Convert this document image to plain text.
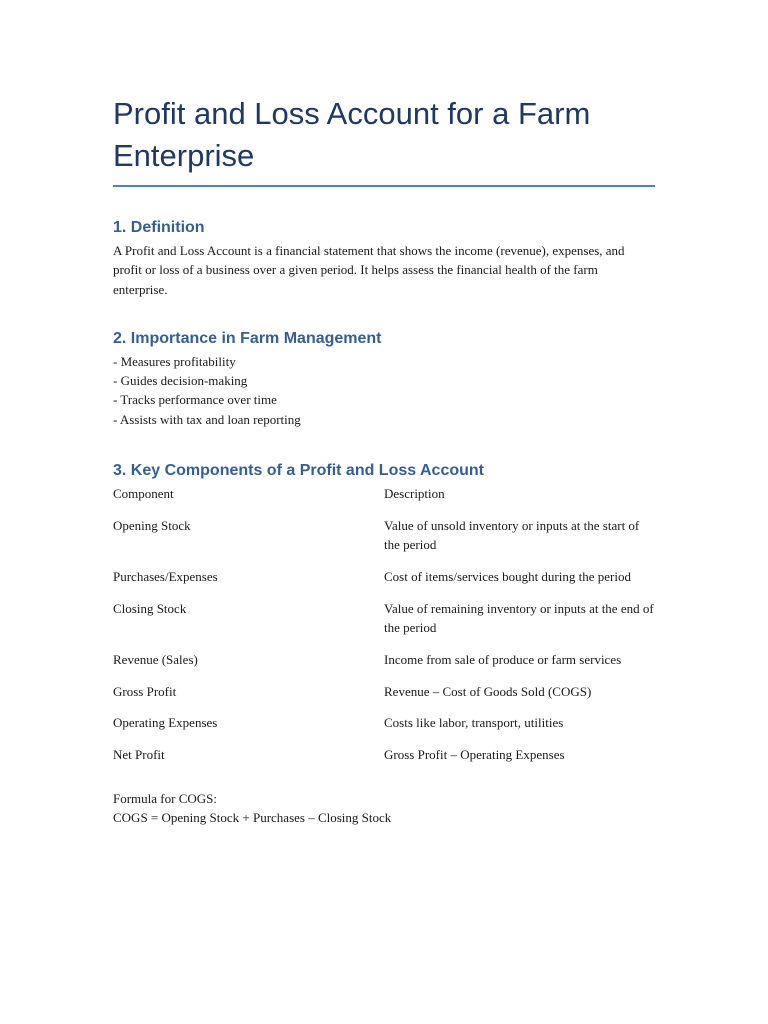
Profit and Loss Account for a Farm Enterprise
1. Definition

A Profit and Loss Account is a financial statement that shows the income (revenue), expenses, and profit or loss of a business over a given period. It helps assess the financial health of the farm enterprise.

2. Importance in Farm Management
- Measures profitability
- Guides decision-making
- Tracks performance over time
- Assists with tax and loan reporting
3. Key Components of a Profit and Loss Account
Component	Description
Opening Stock	Value of unsold inventory or inputs at the start of the period
Purchases/Expenses	Cost of items/services bought during the period
Closing Stock	Value of remaining inventory or inputs at the end of the period
Revenue (Sales)	Income from sale of produce or farm services
Gross Profit	Revenue – Cost of Goods Sold (COGS)
Operating Expenses	Costs like labor, transport, utilities
Net Profit	Gross Profit – Operating Expenses
Formula for COGS:
COGS = Opening Stock + Purchases – Closing Stock
